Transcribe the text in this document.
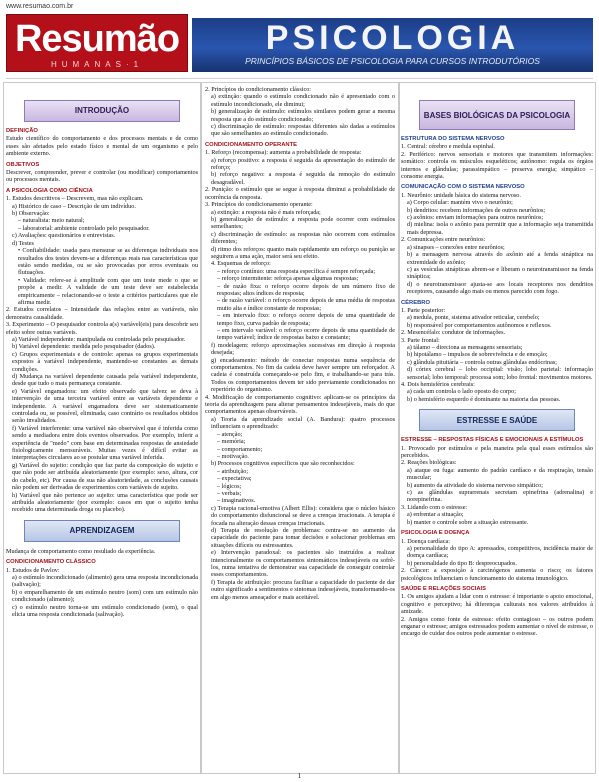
www.resumao.com.br
Resumão
HUMANAS·1
PSICOLOGIA
PRINCÍPIOS BÁSICOS DE PSICOLOGIA PARA CURSOS INTRODUTÓRIOS
INTRODUÇÃO
DEFINIÇÃO

Estudo científico do comportamento e dos processos mentais e de como esses são afetados pelo estado físico e mental de um organismo e pelo ambiente externo.

OBJETIVOS

Descrever, compreender, prever e controlar (ou modificar) comportamentos ou processos mentais.

A PSICOLOGIA COMO CIÊNCIA

1. Estudos descritivos – Descrevem, mas não explicam.

a) Histórico de caso – Descrição de um indivíduo.

b) Observação:

– naturalista: meio natural;

– laboratorial: ambiente controlado pelo pesquisador.

c) Avaliações: questionários e entrevistas.

d) Testes

• Confiabilidade: usada para mensurar se as diferenças individuais nos resultados dos testes devem-se a diferenças reais nas características que estão sendo medidas, ou se são provocadas por erros eventuais ou flutuações.

• Validade: refere-se à amplitude com que um teste mede o que se propõe a medir. A validade de um teste deve ser estabelecida empiricamente – relacionando-se o teste a critérios particulares que ele afirma medir.

2. Estudos correlatos – Intensidade das relações entre as variáveis, não demonstra causalidade.

3. Experimento – O pesquisador controla a(s) variável(eis) para descobrir seu efeito sobre outras variáveis.

a) Variável independente: manipulada ou controlada pelo pesquisador.

b) Variável dependente: medida pelo pesquisador (dados).

c) Grupos experimentais e de controle: apenas os grupos experimentais expostos à variável independente, mantendo-se constantes as demais condições.

d) Mudança na variável dependente causada pela variável independente, desde que tudo o mais permaneça constante.

e) Variável engamadora: um efeito observado que talvez se deva à intervenção de uma terceira variável entre as variáveis dependente e independente. A variável engamadora deve ser sistematicamente controlada ou, se possível, eliminada, caso contrário os resultados obtidos serão invalidados.

f) Variável interferente: uma variável não observável que é inferida como sendo a mediadora entre dois eventos observados. Por exemplo, inferir a experiência de "medo" com base em determinadas respostas de ansiedade fisiologicamente mensuráveis. Muitas vezes é difícil evitar as interpretações circulares ao se postular uma variável inferida.

g) Variável do sujeito: condição que faz parte da composição do sujeito e que não pode ser atribuída aleatoriamente (por exemplo: sexo, altura, cor do cabelo, etc). Por causa de sua não aleatoriedade, as conclusões causais não podem ser derivadas de experimentos com variáveis de sujeito.

h) Variável que não pertence ao sujeito: uma característica que pode ser atribuída aleatoriamente (por exemplo: casos em que o sujeito tenha recebido uma determinada droga ou placebo).

APRENDIZAGEM

Mudança de comportamento como resultado da experiência.

CONDICIONAMENTO CLÁSSICO

1. Estudos de Pavlov:

a) o estímulo incondicionado (alimento) gera uma resposta incondicionada (salivação);

b) o emparelhamento de um estímulo neutro (som) com um estímulo não condicionado (alimento);

c) o estímulo neutro torna-se um estímulo condicionado (som), o qual elicia uma resposta condicionada (salivação).

2. Princípios do condicionamento clássico:

a) extinção: quando o estímulo condicionado não é apresentado com o estímulo incondicionado, ele diminui;

b) generalização de estímulo: estímulos similares podem gerar a mesma resposta que a do estímulo condicionado;

c) discriminação de estímulo: respostas diferentes são dadas a estímulos que são semelhantes ao estímulo condicionado.

CONDICIONAMENTO OPERANTE

1. Reforço (recompensa): aumenta a probabilidade de resposta:

a) reforço positivo: a resposta é seguida da apresentação do estímulo de reforço;

b) reforço negativo: a resposta é seguida da remoção do estímulo desagradável.

2. Punição: o estímulo que se segue à resposta diminui a probabilidade de ocorrência da resposta.

3. Princípios do condicionamento operante:

a) extinção: a resposta não é mais reforçada;

b) generalização de estímulo: a resposta pode ocorrer com estímulos semelhantes;

c) discriminação de estímulo: as respostas não ocorrem com estímulos diferentes;

d) ritmo dos reforços: quanto mais rapidamente um reforço ou punição se seguirem a uma ação, maior será seu efeito.

4. Esquemas de reforço:

– reforço contínuo: uma resposta específica é sempre reforçada;

– reforço intermitente: reforça apenas algumas respostas;

– de razão fixa: o reforço ocorre depois de um número fixo de respostas; altos índices de resposta;

– de razão variável: o reforço ocorre depois de uma média de respostas muito alta e índice constante de respostas;

– em intervalo fixo: o reforço ocorre depois de uma quantidade de tempo fixo, curva padrão de resposta;

– em intervalo variável: o reforço ocorre depois de uma quantidade de tempo variável; índice de respostas baixo e constante;

f) modelagem: reforço aproximações sucessivas em direção à resposta desejada;

g) encadeamento: método de conectar respostas numa sequência de comportamentos. No fim da cadeia deve haver sempre um reforçador. A cadeia é construída começando-se pelo fim, e trabalhando-se para trás. Todos os comportamentos devem ter sido previamente condicionados no repertório do organismo.

4. Modificação de comportamento cognitivo: aplicam-se os princípios da teoria da aprendizagem para alterar pensamentos indesejáveis, mais do que comportamentos apenas observáveis.

a) Teoria da aprendizado social (A. Bandura): quatro processos influenciam o aprendizado:

– atenção;

– memória;

– comportamento;

– motivação.

b) Processos cognitivos específicos que são reconhecidos:

– atribuição;

– expectativa;

– lógicos;

– verbais;

– imaginativos.

c) Terapia racional-emotiva (Albert Ellis): considera que o núcleo básico do comportamento disfuncional se deve a crenças irracionais. A terapia é focada na alteração dessas crenças irracionais.

d) Terapia de resolução de problemas: centra-se no aumento da capacidade do paciente para tomar decisões e solucionar problemas em situações difíceis ou estressantes.

e) Intervenção paradoxal: os pacientes são instruídos a realizar intencionalmente os comportamentos sintomáticos indesejáveis ou sofrê-los, numa tentativa de demonstrar sua capacidade de conseguir controlar esses comportamentos.

f) Terapia de atribuição: procura facilitar a capacidade do paciente de dar outro significado a sentimentos e sintomas indesejáveis, transformando-os em algo menos ameaçador e mais aceitável.

BASES BIOLÓGICAS DA PSICOLOGIA
ESTRUTURA DO SISTEMA NERVOSO

1. Central: cérebro e medula espinhal.

2. Periférico: nervos sensoriais e motores que transmitem informações: somático: controla os músculos esqueléticos; autônomo: regula os órgãos internos e glândulas; parassimpático – preserva energia; simpático – consome energia.

COMUNICAÇÃO COM O SISTEMA NERVOSO

1. Neurônio: unidade básica do sistema nervoso.

a) Corpo celular: mantém vivo o neurônio;

b) dendritos: recebem informações de outros neurônios;

c) axônios: enviam informações para outros neurônios;

d) mielina: isola o axônio para permitir que a informação seja transmitida mais depressa.

2. Comunicações entre neurônios:

a) sinapses – conexões entre neurônios;

b) a mensagem nervosa através do axônio até a fenda sináptica na extremidade do axônio;

c) as vesículas sinápticas abrem-se e liberam o neurotransmissor na fenda sináptica;

d) o neurotransmissor ajusta-se aos locais receptores nos dendritos receptores, causando algo mais ou menos parecido com fogo.

CÉREBRO

1. Parte posterior:

a) medula, ponte, sistema ativador reticular, cerebelo;

b) responsável por comportamentos autônomos e reflexos.

2. Mesencéfalo: condutor de informações.

3. Parte frontal:

a) tálamo – direciona as mensagens sensoriais;

b) hipotálamo – impulsos de sobrevivência e de emoção;

c) glândula pituitária – controla outras glândulas endócrinas;

d) córtex cerebral – lobo occipital: visão; lobo parietal: informação sensorial; lobo temporal: processa som; lobo frontal: movimentos motores.

4. Dois hemisférios cerebrais:

a) cada um controla o lado oposto do corpo;

b) o hemisfério esquerdo é dominante na maioria das pessoas.

ESTRESSE E SAÚDE
ESTRESSE – RESPOSTAS FÍSICAS E EMOCIONAIS A ESTÍMULOS

1. Provocado por estímulos e pela maneira pela qual esses estímulos são percebidos.

2. Reações biológicas:

a) ataque ou fuga: aumento do padrão cardíaco e da respiração, tensão muscular;

b) aumento da atividade do sistema nervoso simpático;

c) as glândulas suprarrenais secretam epinefrina (adrenalina) e norepinefrina.

3. Lidando com o estresse:

a) enfrentar a situação;

b) manter o controle sobre a situação estressante.

PSICOLOGIA E DOENÇA

1. Doença cardíaca:

a) personalidade do tipo A: apressados, competitivos, incidência maior de doença cardíaca;

b) personalidade do tipo B: despreocupados.

2. Câncer: a exposição à carcinógenos aumenta o risco; os fatores psicológicos influenciam o funcionamento do sistema imunológico.

SAÚDE E RELAÇÕES SOCIAIS

1. Os amigos ajudam a lidar com o estresse: é importante o apoio emocional, cognitivo e perceptivo; há diferenças culturais nos valores atribuídos à amizade.

2. Amigos como fonte de estresse: efeito contagioso – os outros podem enganar o estresse; amigos estressados podem aumentar o nível de estresse, o encargo de cuidar dos outros pode aumentar o estresse.

1
